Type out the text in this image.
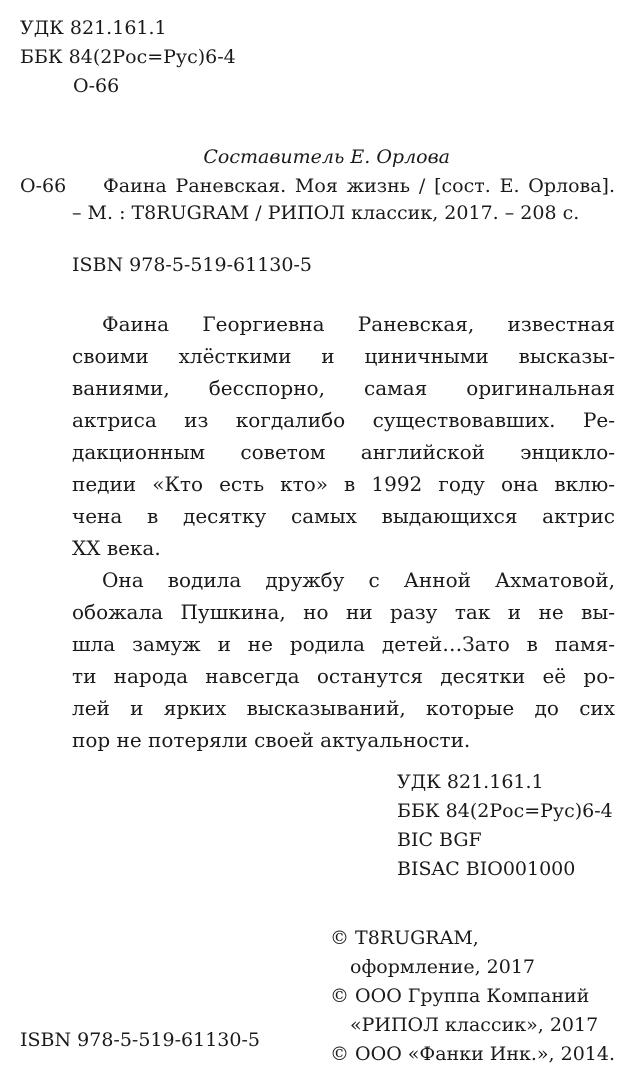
УДК 821.161.1
ББК 84(2Рос=Рус)6-4
О-66
Составитель Е. Орлова
О-66 Фаина Раневская. Моя жизнь / [сост. Е. Орлова].
– М. : T8RUGRAM / РИПОЛ классик, 2017. – 208 с.
ISBN 978-5-519-61130-5
Фаина Георгиевна Раневская, известная
своими хлёсткими и циничными высказы-
ваниями, бесспорно, самая оригинальная
актриса из когдалибо существовавших. Ре-
дакционным советом английской энцикло-
педии «Кто есть кто» в 1992 году она вклю-
чена в десятку самых выдающихся актрис
XX века.
Она водила дружбу с Анной Ахматовой,
обожала Пушкина, но ни разу так и не вы-
шла замуж и не родила детей…Зато в памя-
ти народа навсегда останутся десятки её ро-
лей и ярких высказываний, которые до сих
пор не потеряли своей актуальности.
УДК 821.161.1
ББК 84(2Рос=Рус)6-4
BIC BGF
BISAC BIO001000
© T8RUGRAM,
оформление, 2017
© ООО Группа Компаний
«РИПОЛ классик», 2017
© ООО «Фанки Инк.», 2014.
ISBN 978-5-519-61130-5
